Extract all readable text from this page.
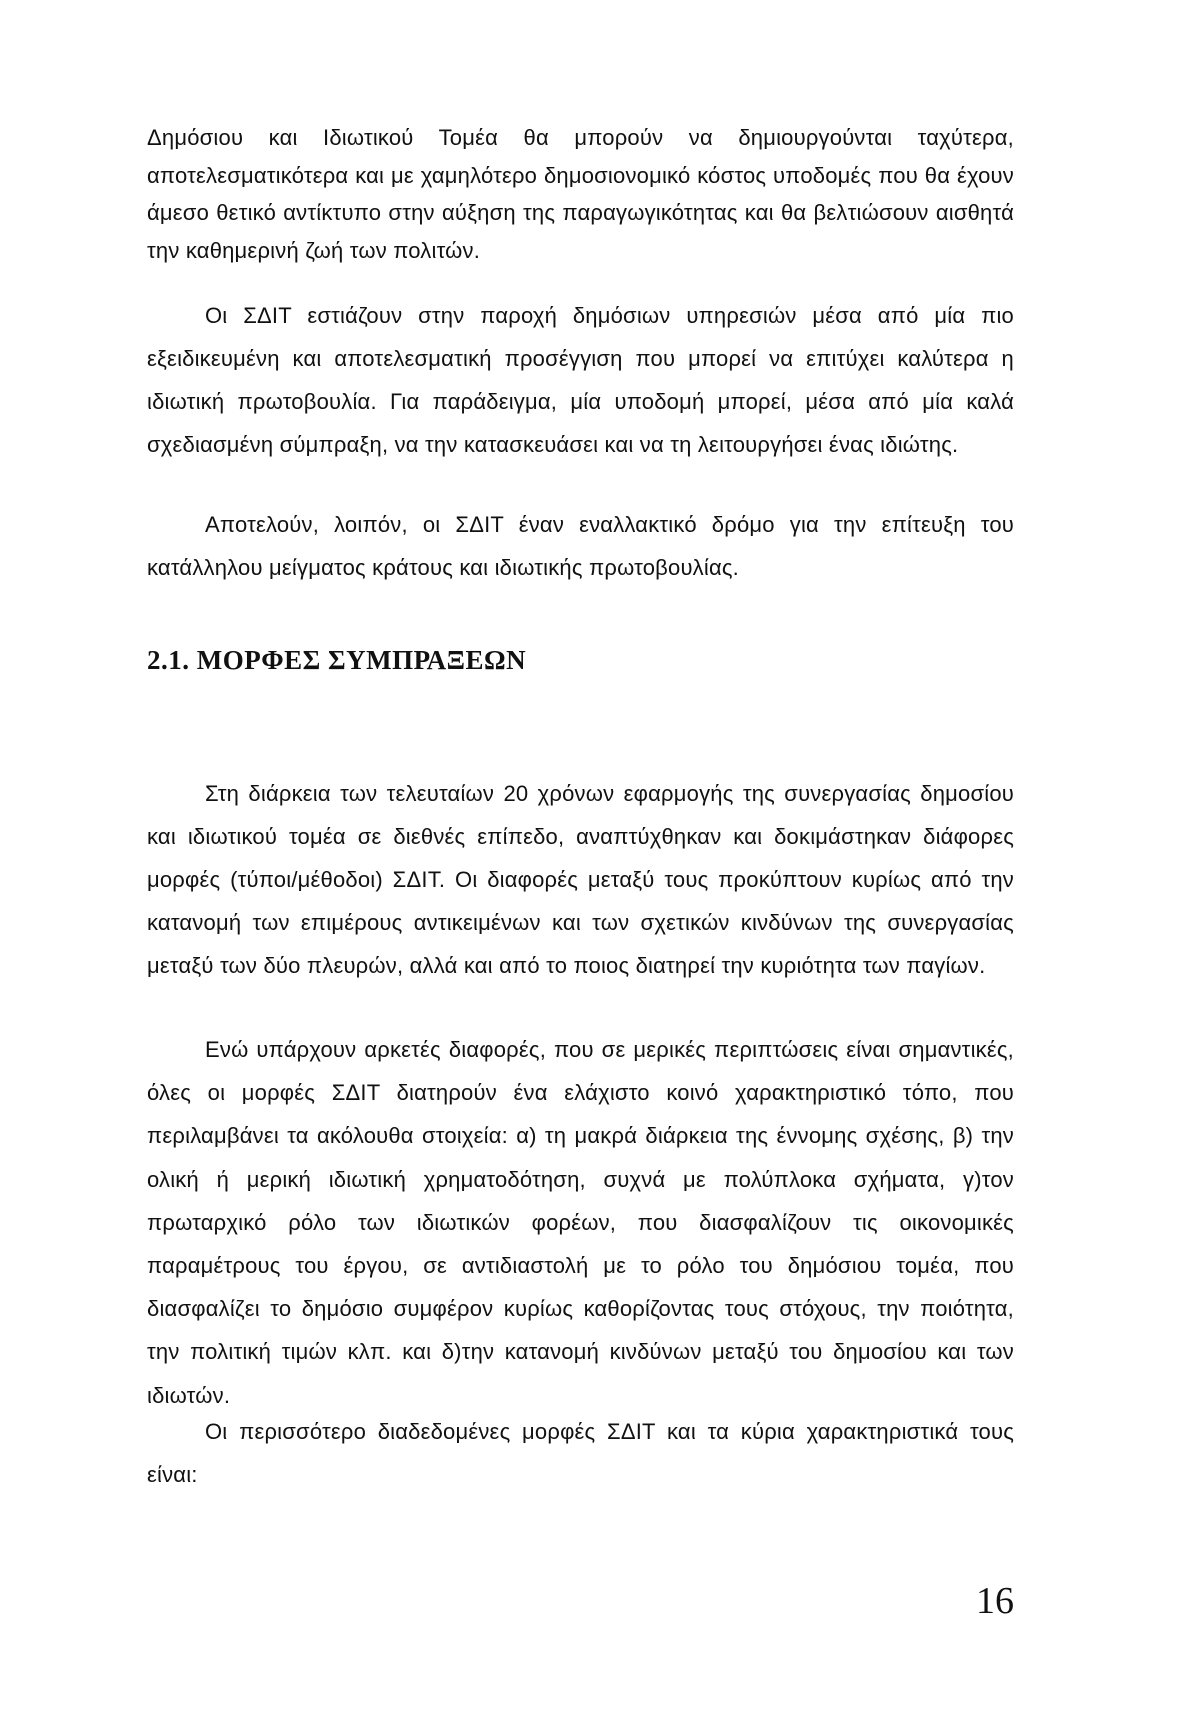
Δημόσιου και Ιδιωτικού Τομέα θα μπορούν να δημιουργούνται ταχύτερα, αποτελεσματικότερα και με χαμηλότερο δημοσιονομικό κόστος υποδομές που θα έχουν άμεσο θετικό αντίκτυπο στην αύξηση της παραγωγικότητας και θα βελτιώσουν αισθητά την καθημερινή ζωή των πολιτών.

Οι ΣΔΙΤ εστιάζουν στην παροχή δημόσιων υπηρεσιών μέσα από μία πιο εξειδικευμένη και αποτελεσματική προσέγγιση που μπορεί να επιτύχει καλύτερα η ιδιωτική πρωτοβουλία. Για παράδειγμα, μία υποδομή μπορεί, μέσα από μία καλά σχεδιασμένη σύμπραξη, να την κατασκευάσει και να τη λειτουργήσει ένας ιδιώτης.

Αποτελούν, λοιπόν, οι ΣΔΙΤ έναν εναλλακτικό δρόμο για την επίτευξη του κατάλληλου μείγματος κράτους και ιδιωτικής πρωτοβουλίας.

2.1. ΜΟΡΦΕΣ ΣΥΜΠΡΑΞΕΩΝ

Στη διάρκεια των τελευταίων 20 χρόνων εφαρμογής της συνεργασίας δημοσίου και ιδιωτικού τομέα σε διεθνές επίπεδο, αναπτύχθηκαν και δοκιμάστηκαν διάφορες μορφές (τύποι/μέθοδοι) ΣΔΙΤ. Οι διαφορές μεταξύ τους προκύπτουν κυρίως από την κατανομή των επιμέρους αντικειμένων και των σχετικών κινδύνων της συνεργασίας μεταξύ των δύο πλευρών, αλλά και από το ποιος διατηρεί την κυριότητα των παγίων.

Ενώ υπάρχουν αρκετές διαφορές, που σε μερικές περιπτώσεις είναι σημαντικές, όλες οι μορφές ΣΔΙΤ διατηρούν ένα ελάχιστο κοινό χαρακτηριστικό τόπο, που περιλαμβάνει τα ακόλουθα στοιχεία: α) τη μακρά διάρκεια της έννομης σχέσης, β) την ολική ή μερική ιδιωτική χρηματοδότηση, συχνά με πολύπλοκα σχήματα, γ)τον πρωταρχικό ρόλο των ιδιωτικών φορέων, που διασφαλίζουν τις οικονομικές παραμέτρους του έργου, σε αντιδιαστολή με το ρόλο του δημόσιου τομέα, που διασφαλίζει το δημόσιο συμφέρον κυρίως καθορίζοντας τους στόχους, την ποιότητα, την πολιτική τιμών κλπ. και δ)την κατανομή κινδύνων μεταξύ του δημοσίου και των ιδιωτών.

Οι περισσότερο διαδεδομένες μορφές ΣΔΙΤ και τα κύρια χαρακτηριστικά τους είναι:

16
